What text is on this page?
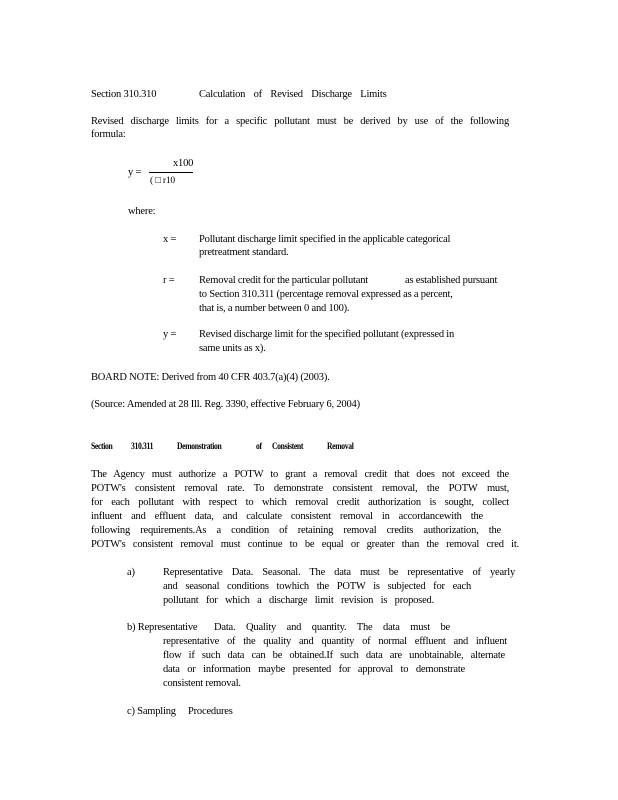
Section 310.310	Calculation of Revised Discharge Limits
Revised discharge limits for a specific pollutant must be derived by use of the following
formula:
y =
x100
( □ r10
where:
x = Pollutant discharge limit specified in the applicable categorical
pretreatment standard.
r = Removal credit for the particular pollutant	as established pursuant
to Section 310.311 (percentage removal expressed as a percent,
that is, a number between 0 and 100).
y = Revised discharge limit for the specified pollutant (expressed in
same units as x).
BOARD NOTE: Derived from 40 CFR 403.7(a)(4) (2003).
(Source: Amended at 28 Ill. Reg. 3390, effective February 6, 2004)
Section 310.311	Demonstration	of Consistent	Removal
The Agency must authorize a POTW to grant a removal credit that does not exceed the
POTW's consistent removal rate. To demonstrate consistent removal, the POTW must,
for each pollutant with respect to which removal credit authorization is sought, collect
influent and effluent data, and calculate consistent removal in accordancewith the
following requirements.As a condition of retaining removal credits authorization, the
POTW's consistent removal must continue to be equal or greater than the removal cred it.
a)	Representative Data. Seasonal. The data must be representative of yearly
and seasonal conditions towhich the POTW is subjected for each
pollutant for which a discharge limit revision is proposed.
b) Representative Data. Quality and quantity. The data must be
representative of the quality and quantity of normal effluent and influent
flow if such data can be obtained.If such data are unobtainable, alternate
data or information maybe presented for approval to demonstrate
consistent removal.
c) Sampling Procedures
